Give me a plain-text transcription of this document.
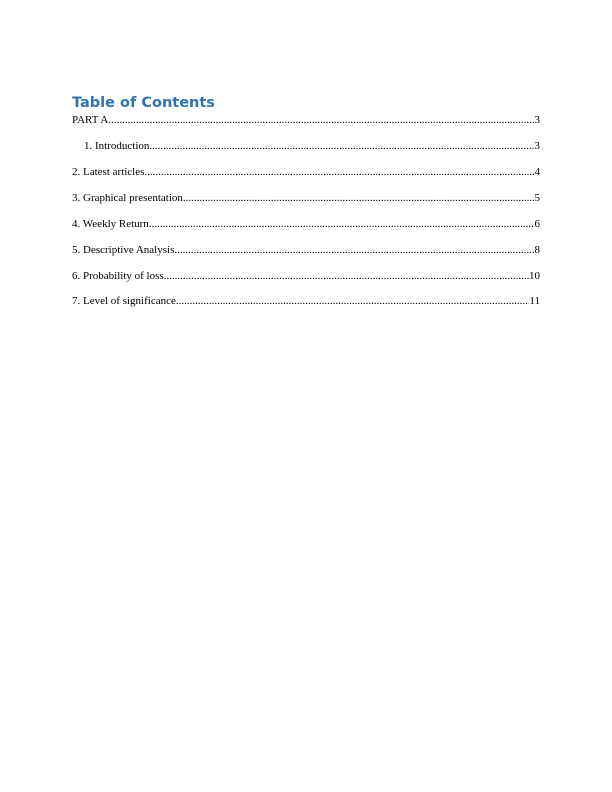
Table of Contents
PART A .....	3
1. Introduction .....	3
2. Latest articles .....	4
3. Graphical presentation .....	5
4. Weekly Return .....	6
5. Descriptive Analysis .....	8
6. Probability of loss .....	10
7. Level of significance .....	11
